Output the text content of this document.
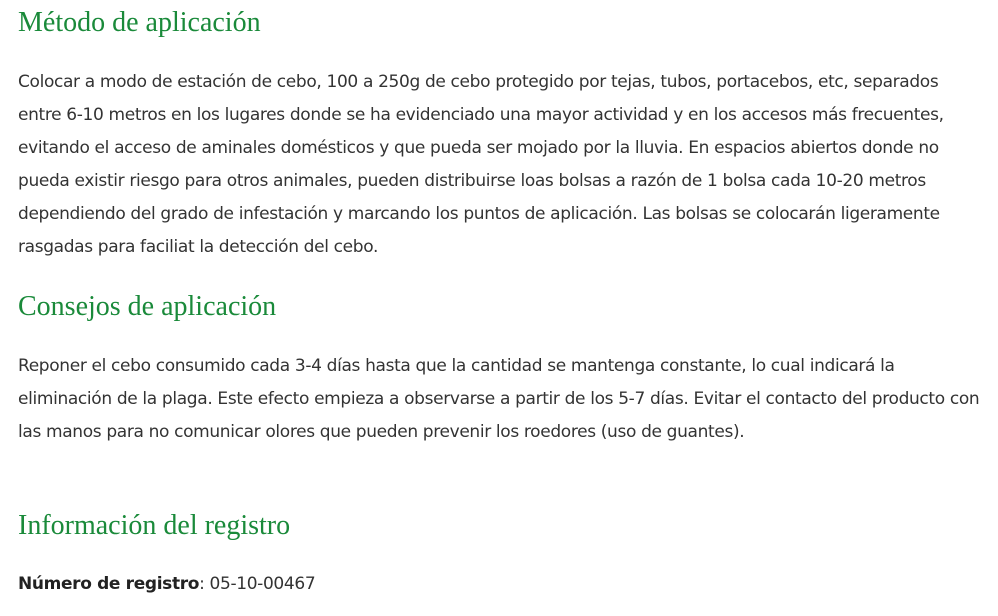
Método de aplicación

Colocar a modo de estación de cebo, 100 a 250g de cebo protegido por tejas, tubos, portacebos, etc, separados entre 6-10 metros en los lugares donde se ha evidenciado una mayor actividad y en los accesos más frecuentes, evitando el acceso de aminales domésticos y que pueda ser mojado por la lluvia. En espacios abiertos donde no pueda existir riesgo para otros animales, pueden distribuirse loas bolsas a razón de 1 bolsa cada 10-20 metros dependiendo del grado de infestación y marcando los puntos de aplicación. Las bolsas se colocarán ligeramente rasgadas para faciliat la detección del cebo.

Consejos de aplicación

Reponer el cebo consumido cada 3-4 días hasta que la cantidad se mantenga constante, lo cual indicará la eliminación de la plaga. Este efecto empieza a observarse a partir de los 5-7 días. Evitar el contacto del producto con las manos para no comunicar olores que pueden prevenir los roedores (uso de guantes).

Información del registro

Número de registro: 05-10-00467
